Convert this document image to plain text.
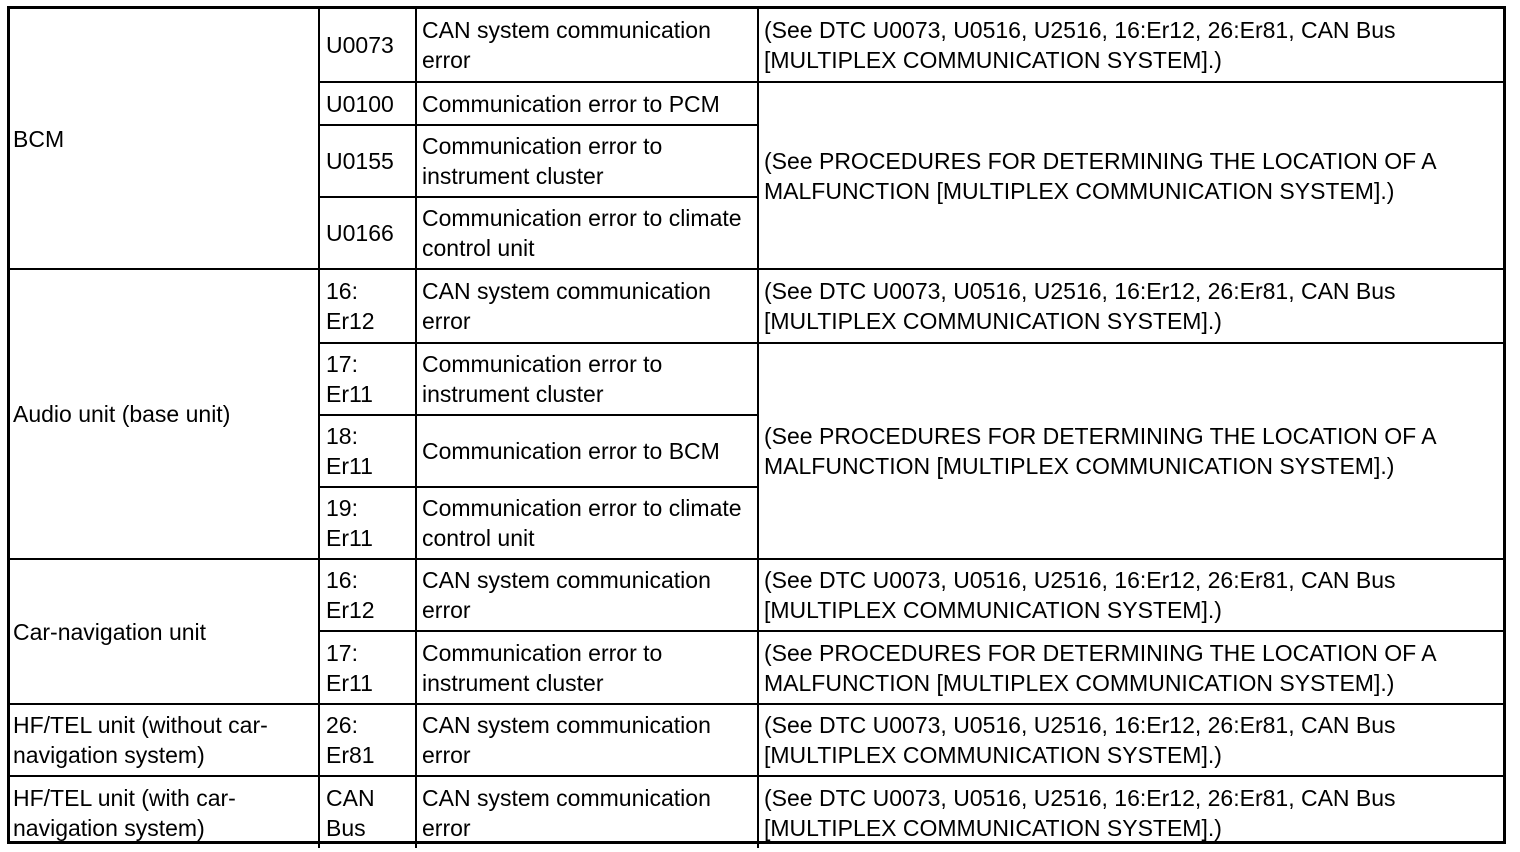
BCM	U0073	CAN system communication error	(See DTC U0073, U0516, U2516, 16:Er12, 26:Er81, CAN Bus
[MULTIPLEX COMMUNICATION SYSTEM].)
	U0100	Communication error to PCM	(See PROCEDURES FOR DETERMINING THE LOCATION OF A
MALFUNCTION [MULTIPLEX COMMUNICATION SYSTEM].)
	U0155	Communication error to instrument cluster	
	U0166	Communication error to climate control unit	
Audio unit (base unit)	16: Er12	CAN system communication error	(See DTC U0073, U0516, U2516, 16:Er12, 26:Er81, CAN Bus
[MULTIPLEX COMMUNICATION SYSTEM].)
	17: Er11	Communication error to instrument cluster	(See PROCEDURES FOR DETERMINING THE LOCATION OF A
MALFUNCTION [MULTIPLEX COMMUNICATION SYSTEM].)
	18: Er11	Communication error to BCM	
	19: Er11	Communication error to climate control unit	
Car-navigation unit	16: Er12	CAN system communication error	(See DTC U0073, U0516, U2516, 16:Er12, 26:Er81, CAN Bus
[MULTIPLEX COMMUNICATION SYSTEM].)
	17: Er11	Communication error to instrument cluster	(See PROCEDURES FOR DETERMINING THE LOCATION OF A
MALFUNCTION [MULTIPLEX COMMUNICATION SYSTEM].)
HF/TEL unit (without car-navigation system)	26: Er81	CAN system communication error	(See DTC U0073, U0516, U2516, 16:Er12, 26:Er81, CAN Bus
[MULTIPLEX COMMUNICATION SYSTEM].)
HF/TEL unit (with car-navigation system)	CAN Bus	CAN system communication error	(See DTC U0073, U0516, U2516, 16:Er12, 26:Er81, CAN Bus
[MULTIPLEX COMMUNICATION SYSTEM].)
